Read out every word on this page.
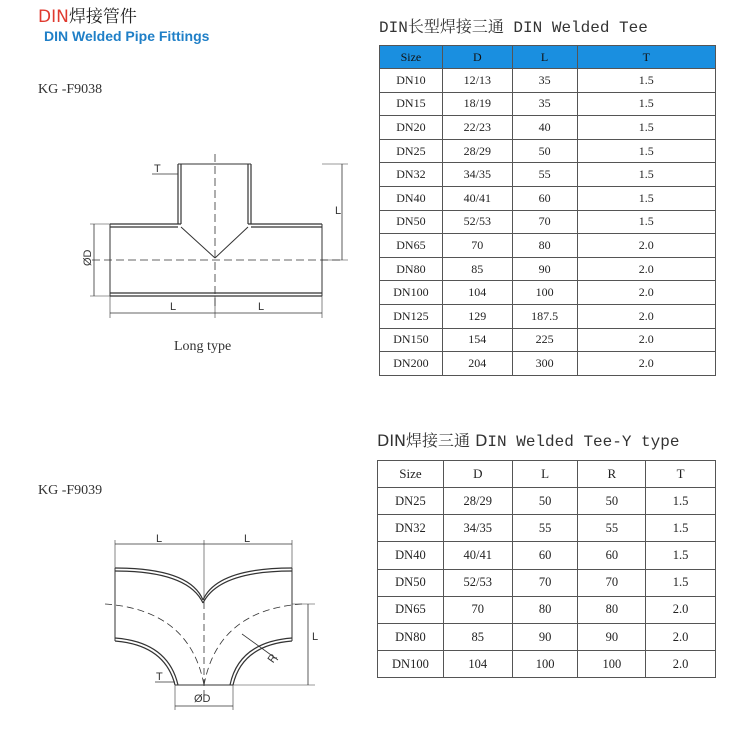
DIN焊接管件
DIN Welded Pipe Fittings
KG -F9038
T
L
ØD
L	L
Long type
DIN长型焊接三通 DIN Welded Tee
Size	D	L	T
DN10	12/13	35	1.5
DN15	18/19	35	1.5
DN20	22/23	40	1.5
DN25	28/29	50	1.5
DN32	34/35	55	1.5
DN40	40/41	60	1.5
DN50	52/53	70	1.5
DN65	70	80	2.0
DN80	85	90	2.0
DN100	104	100	2.0
DN125	129	187.5	2.0
DN150	154	225	2.0
DN200	204	300	2.0
DIN焊接三通 DIN Welded Tee-Y type
KG -F9039
L	L
L
R
T
ØD
Size	D	L	R	T
DN25	28/29	50	50	1.5
DN32	34/35	55	55	1.5
DN40	40/41	60	60	1.5
DN50	52/53	70	70	1.5
DN65	70	80	80	2.0
DN80	85	90	90	2.0
DN100	104	100	100	2.0
